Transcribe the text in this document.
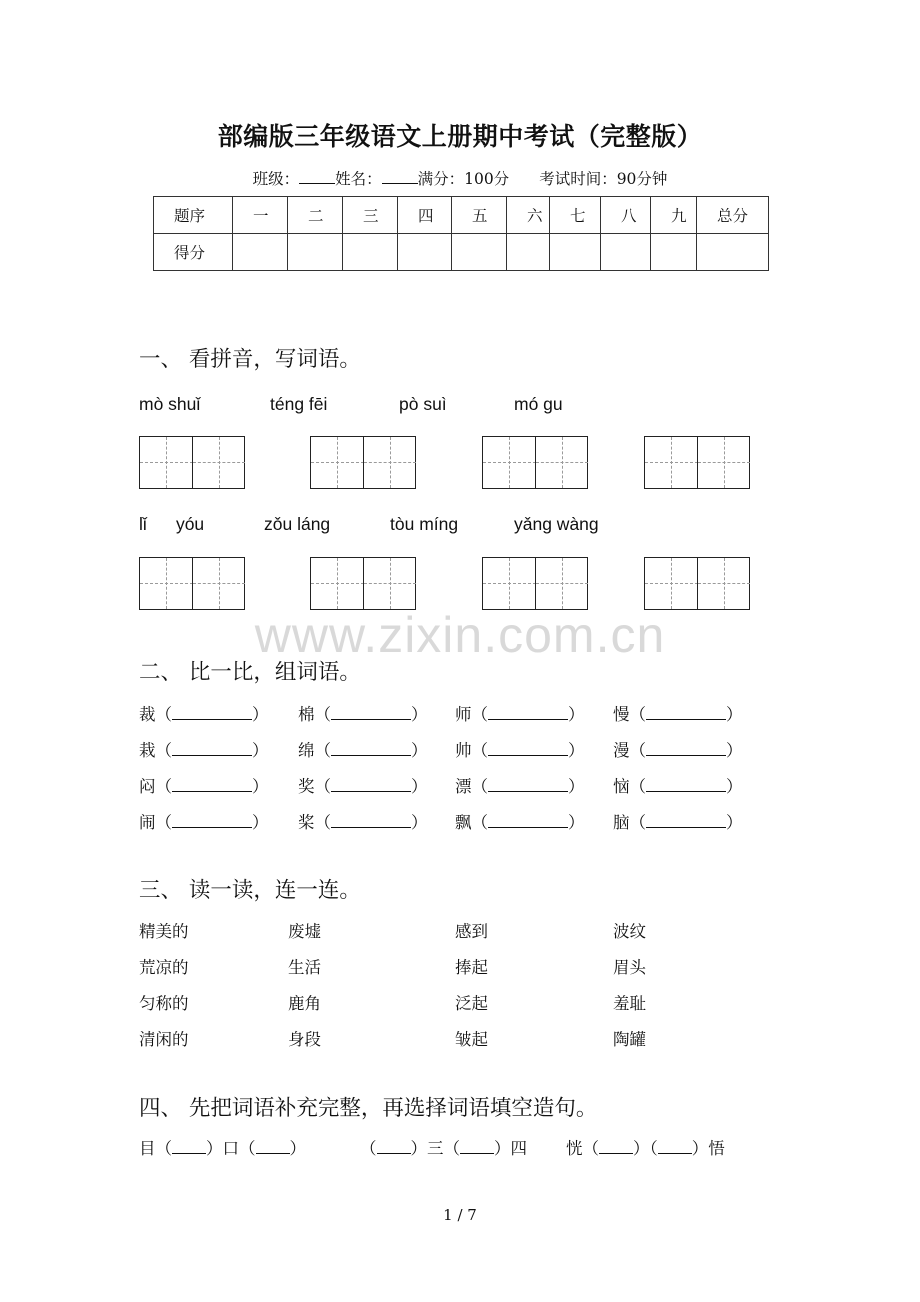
部编版三年级语文上册期中考试（完整版）
班级： 姓名： 满分：100分 考试时间：90分钟
题序	一	二	三	四	五	六	七	八	九	总分
得分										
一、 看拼音，写词语。
mò shuǐ	téng fēi	pò suì	mó gu
lǐ      yóu	zǒu láng	tòu míng	yǎng wàng
www.zixin.com.cn
二、 比一比，组词语。
裁（	） 棉（	） 师（	） 慢（	）
栽（	） 绵（	） 帅（	） 漫（	）
闷（	） 奖（	） 漂（	） 恼（	）
闹（	） 桨（	） 飘（	） 脑（	）
三、 读一读，连一连。
精美的	废墟	感到	波纹
荒凉的	生活	捧起	眉头
匀称的	鹿角	泛起	羞耻
清闲的	身段	皱起	陶罐
四、 先把词语补充完整，再选择词语填空造句。
目（ ）口（ ）	（ ）三（ ）四 恍（ ）（ ）悟
1 / 7
